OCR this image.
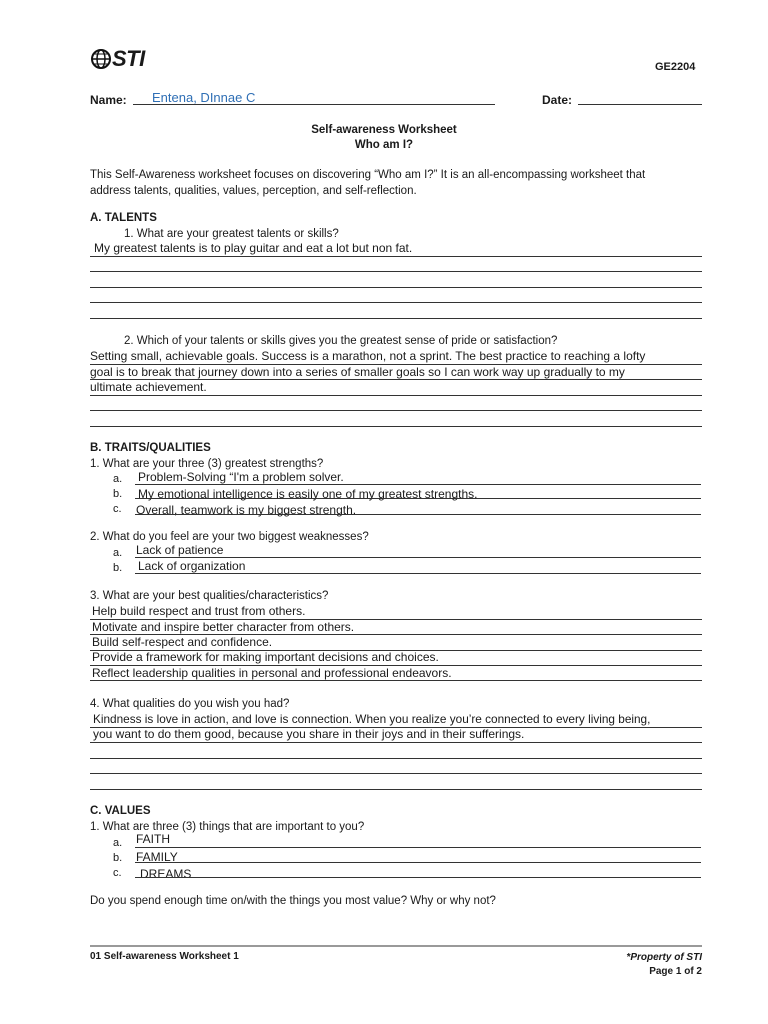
STI	GE2204
Name: Entena, DInnae C	Date:
Self-awareness Worksheet
Who am I?
This Self-Awareness worksheet focuses on discovering “Who am I?” It is an all-encompassing worksheet that
address talents, qualities, values, perception, and self-reflection.
A. TALENTS
1. What are your greatest talents or skills?
My greatest talents is to play guitar and eat a lot but non fat.
2. Which of your talents or skills gives you the greatest sense of pride or satisfaction?
Setting small, achievable goals. Success is a marathon, not a sprint. The best practice to reaching a lofty
goal is to break that journey down into a series of smaller goals so I can work way up gradually to my
ultimate achievement.
B. TRAITS/QUALITIES
1. What are your three (3) greatest strengths?
a. Problem-Solving “I'm a problem solver.
b. My emotional intelligence is easily one of my greatest strengths.
c. Overall, teamwork is my biggest strength.
2. What do you feel are your two biggest weaknesses?
a. Lack of patience
b. Lack of organization
3. What are your best qualities/characteristics?
Help build respect and trust from others.
Motivate and inspire better character from others.
Build self-respect and confidence.
Provide a framework for making important decisions and choices.
Reflect leadership qualities in personal and professional endeavors.
4. What qualities do you wish you had?
Kindness is love in action, and love is connection. When you realize you’re connected to every living being,
you want to do them good, because you share in their joys and in their sufferings.
C. VALUES
1. What are three (3) things that are important to you?
a. FAITH
b. FAMILY
c. DREAMS
Do you spend enough time on/with the things you most value? Why or why not?
01 Self-awareness Worksheet 1	*Property of STI
Page 1 of 2
